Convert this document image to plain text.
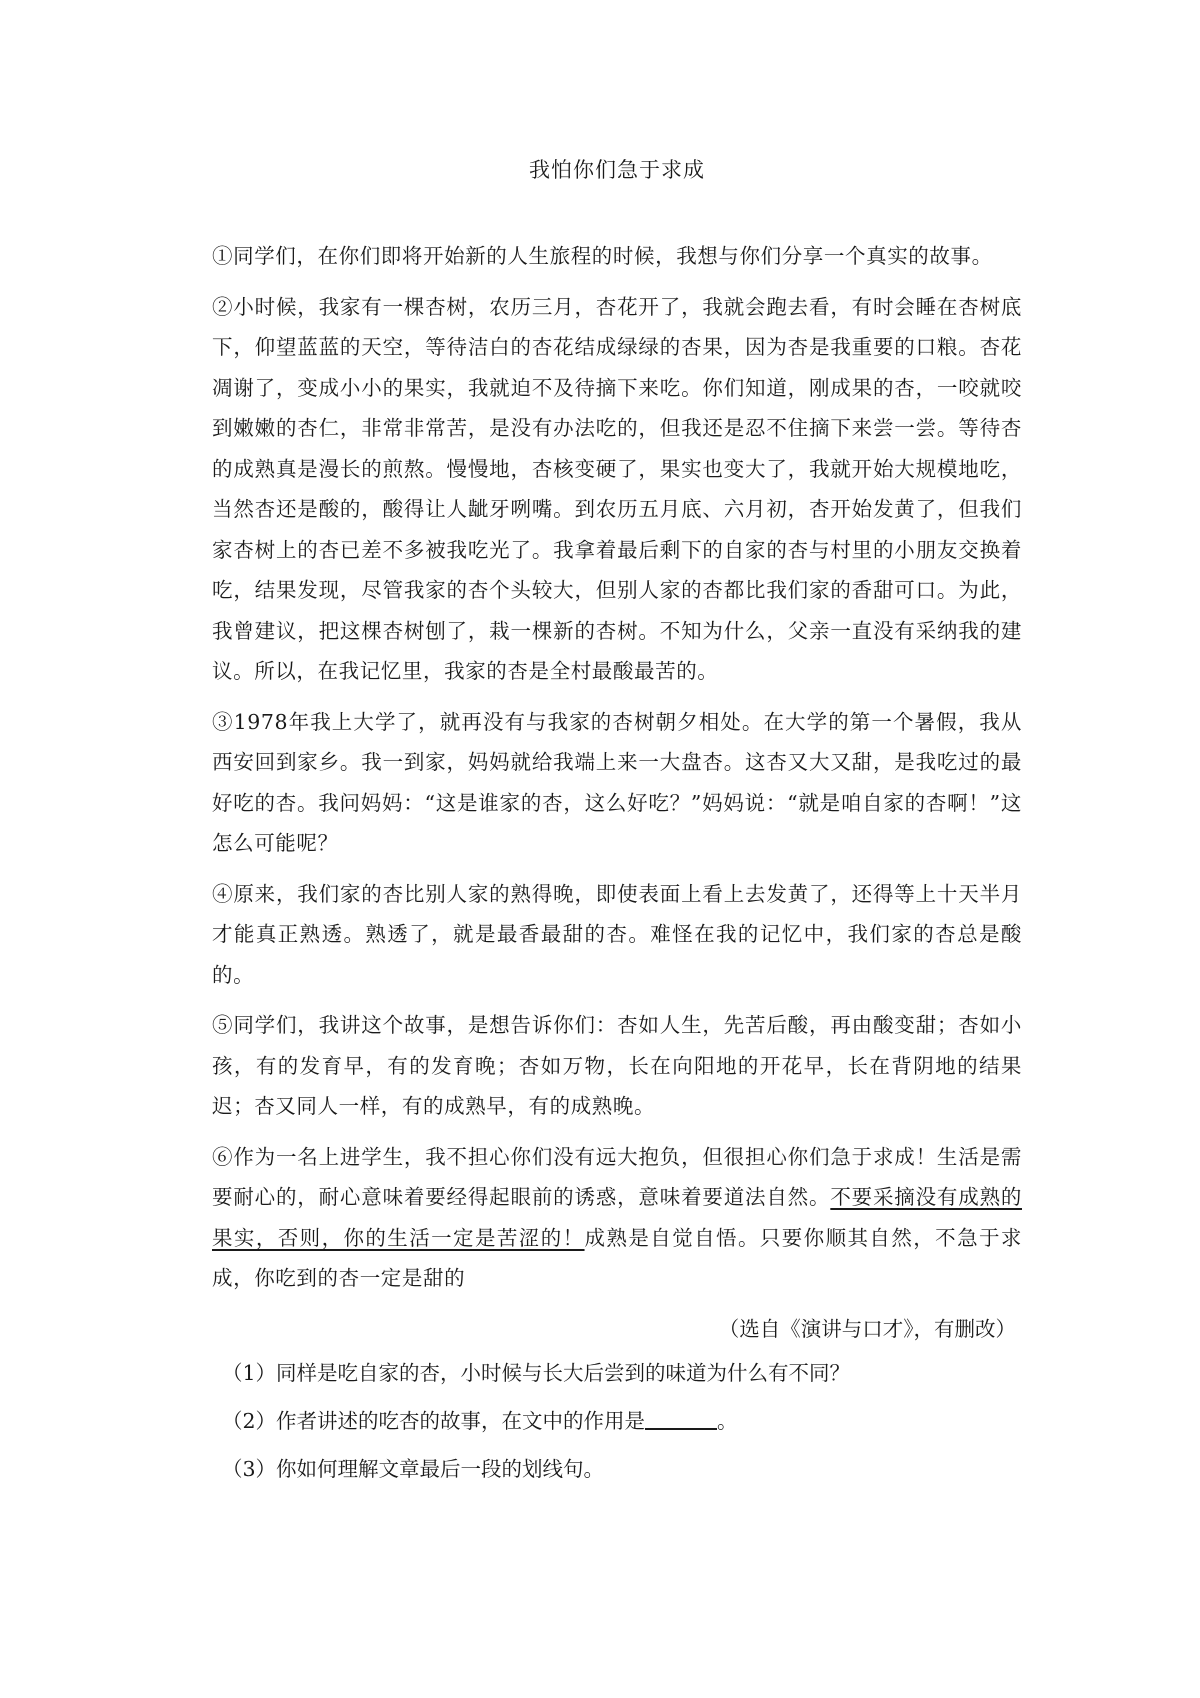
我怕你们急于求成

①同学们，在你们即将开始新的人生旅程的时候，我想与你们分享一个真实的故事。

②小时候，我家有一棵杏树，农历三月，杏花开了，我就会跑去看，有时会睡在杏树底下，仰望蓝蓝的天空，等待洁白的杏花结成绿绿的杏果，因为杏是我重要的口粮。杏花凋谢了，变成小小的果实，我就迫不及待摘下来吃。你们知道，刚成果的杏，一咬就咬到嫩嫩的杏仁，非常非常苦，是没有办法吃的，但我还是忍不住摘下来尝一尝。等待杏的成熟真是漫长的煎熬。慢慢地，杏核变硬了，果实也变大了，我就开始大规模地吃，当然杏还是酸的，酸得让人龇牙咧嘴。到农历五月底、六月初，杏开始发黄了，但我们家杏树上的杏已差不多被我吃光了。我拿着最后剩下的自家的杏与村里的小朋友交换着吃，结果发现，尽管我家的杏个头较大，但别人家的杏都比我们家的香甜可口。为此，我曾建议，把这棵杏树刨了，栽一棵新的杏树。不知为什么，父亲一直没有采纳我的建议。所以，在我记忆里，我家的杏是全村最酸最苦的。

③1978年我上大学了，就再没有与我家的杏树朝夕相处。在大学的第一个暑假，我从西安回到家乡。我一到家，妈妈就给我端上来一大盘杏。这杏又大又甜，是我吃过的最好吃的杏。我问妈妈：“这是谁家的杏，这么好吃？”妈妈说：“就是咱自家的杏啊！”这怎么可能呢？

④原来，我们家的杏比别人家的熟得晚，即使表面上看上去发黄了，还得等上十天半月才能真正熟透。熟透了，就是最香最甜的杏。难怪在我的记忆中，我们家的杏总是酸的。

⑤同学们，我讲这个故事，是想告诉你们：杏如人生，先苦后酸，再由酸变甜；杏如小孩，有的发育早，有的发育晚；杏如万物，长在向阳地的开花早，长在背阴地的结果迟；杏又同人一样，有的成熟早，有的成熟晚。

⑥作为一名上进学生，我不担心你们没有远大抱负，但很担心你们急于求成！生活是需要耐心的，耐心意味着要经得起眼前的诱惑，意味着要道法自然。不要采摘没有成熟的果实，否则，你的生活一定是苦涩的！成熟是自觉自悟。只要你顺其自然，不急于求成，你吃到的杏一定是甜的

（选自《演讲与口才》，有删改）
（1）同样是吃自家的杏，小时候与长大后尝到的味道为什么有不同？
（2）作者讲述的吃杏的故事，在文中的作用是	。
（3）你如何理解文章最后一段的划线句。
